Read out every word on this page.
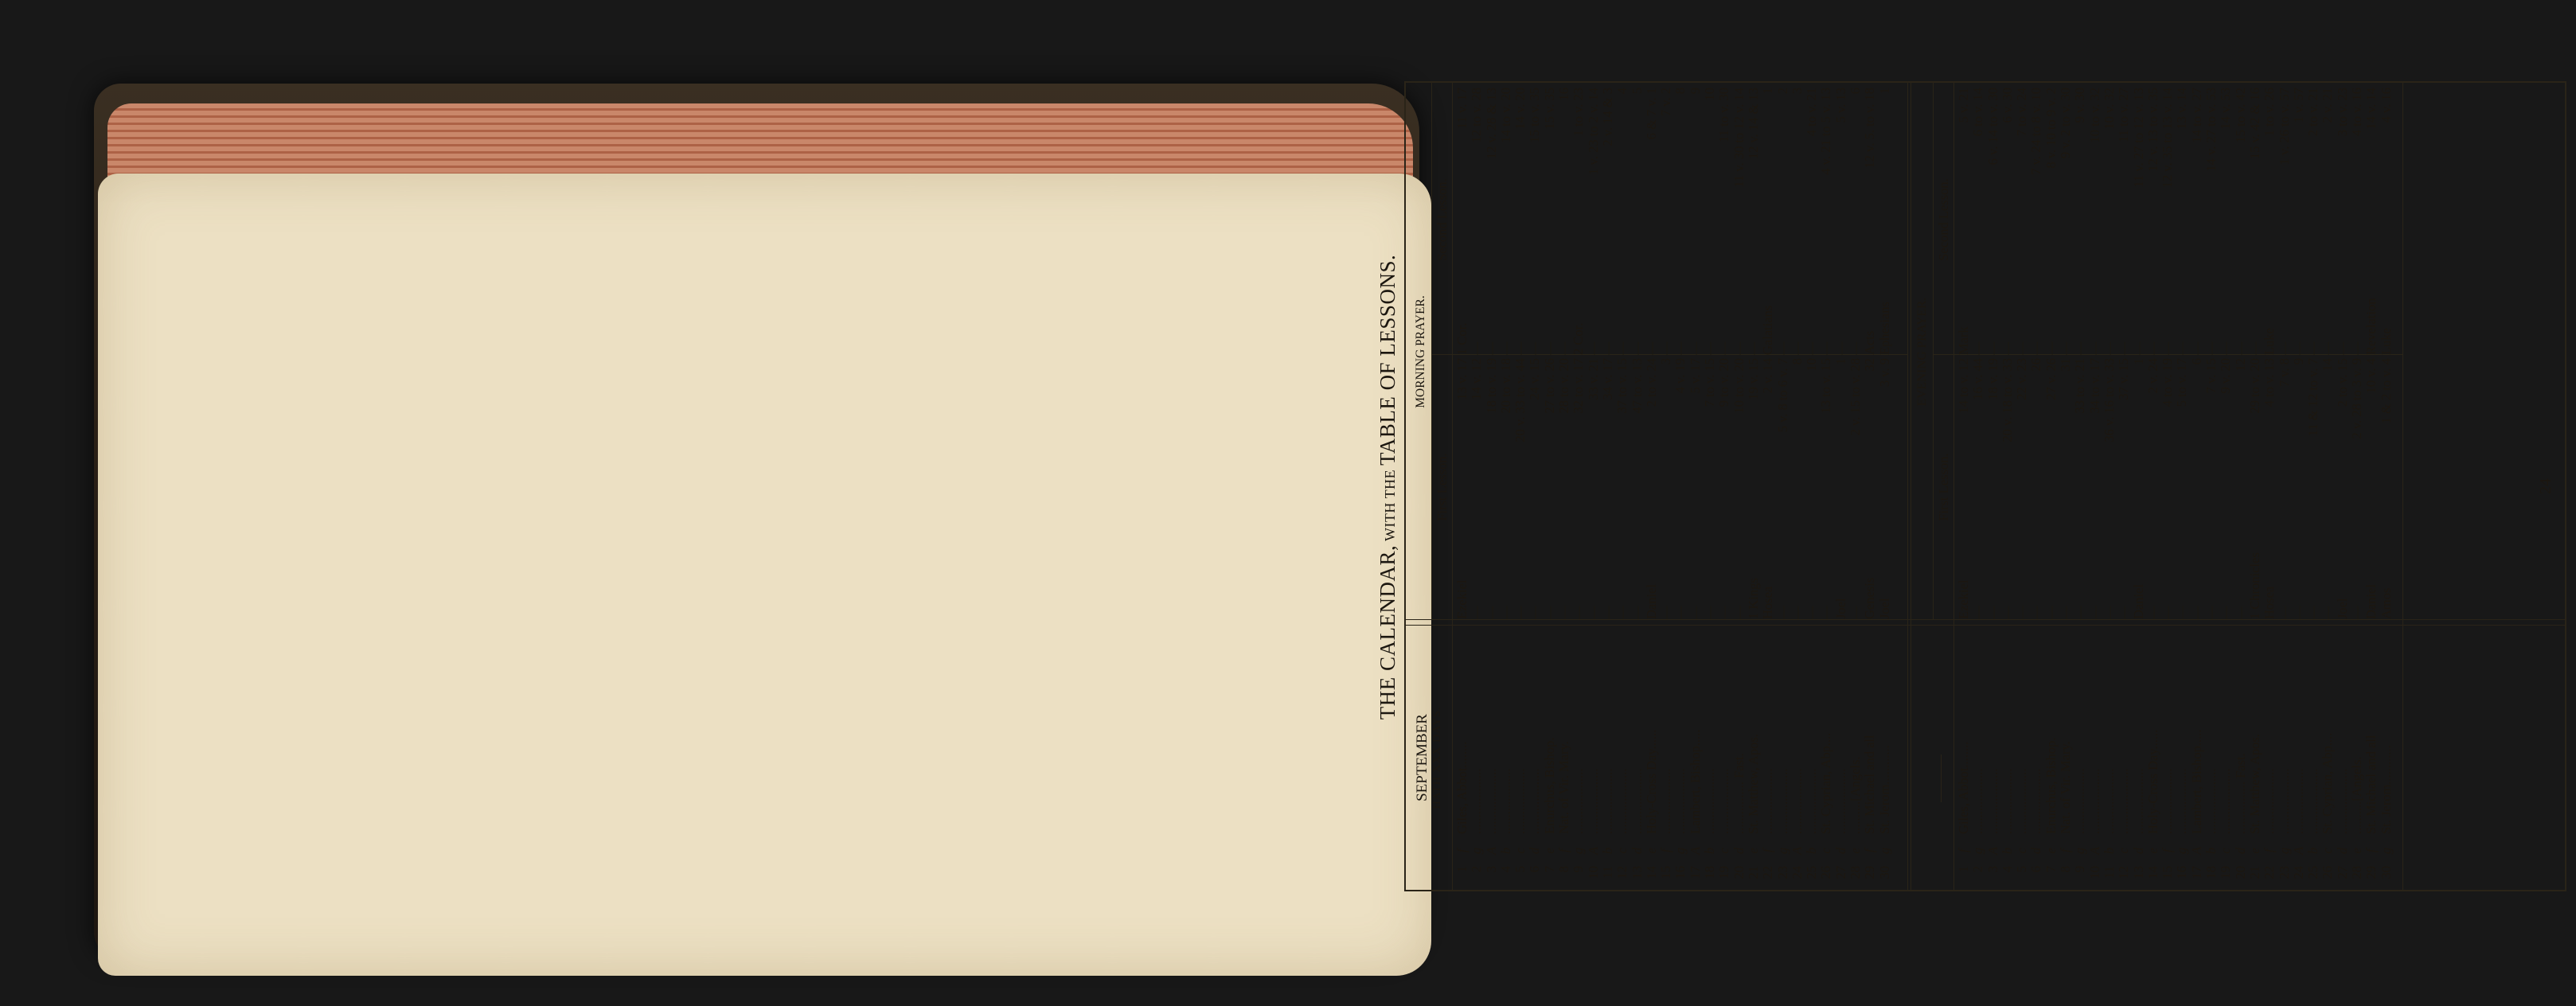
THE CALENDAR, WITH THE TABLE OF LESSONS.
SEPTEMBER HATH XXX DAYS.
MORNING PRAYER.
First Lesson.
Second Lesson.
1
f
Giles, Abbot........
Ezekiel
13 v. 17
1 Cor.
11 v. 17
2
g
....................
—
14 v. 12
—
12 to v. 28
3
A
....................
—
18 to v. 19
—
12 v. 28 & 13
4
b
....................
—
20 to v. 18
—
14 to v. 20
5
c
....................
—
20 v. 33 to v. 44
—
14 v. 20
6
d
....................
—
24 v. 15
—
15 to v. 35
7
e
Enurchus, Bishop.
—
27 to v. 26
—
15 v. 35
8
f
Nat. of Vir. Mary.
—
28 to v. 20
—
16
9
g
....................
—
32 to v. 17
2 Cor.
1 to v. 23
10
A
....................
—
33 v. 21
—
1 v. 23 to 2 v. 14
11
b
....................
—
34 v. 17
—
2 v. 14 & 3
12
c
....................
—
37 to v. 15
—
4
13
d
....................
—
47 to v. 13
—
5
14
e
Holy-Cross Day......
Daniel
2 to v. 24
—
6 & 7 v. 1
15
f
....................
—
3
—
7 v. 2
16
g
....................
—
4 v. 19
—
8
17
A
Lambert, Bishop.....
—
5 v. 17
—
9
18
b
....................
—
7 to v. 15
—
10
19
c
....................
—
9 to v. 20
—
11 to v. 30
20
d
................ Fast.
—
10 to v. 20
—
11 v. 30 to 12 v. 14
21
e
St. Matthew, Apos.
1 Kings
19 v. 15
—
12 v. 14 & 13
22
f
....................
Hosea
2 v. 14
Galatians
1
23
g
....................
—
5 v. 8 to 6 v. 7
—
2
24
A
....................
—
8
—
3
25
b
....................
—
10
—
4 to v. 21
26
c
St. Cyprian, Abp....
—
13 to v. 15
—
4 v. 21 to 5 v. 13
27
d
....................
Joel
1
—
5 v. 13
28
e
..........[Angels.
—
2 v. 15 to v. 28
—
6
29
f
St. Michael and all
Genesis
32
Acts
12 v. 5. to v. 18
30
g
St. Jerom............
Joel
3 v. 9
Ephesians
1
EVENING PRAYER.
First Lesson.
Second Lesson.
1
f
Giles, Abbot........
Ezekiel
14 to v. 12
Mark
5 v. 21
2
g
....................
—
16 v. 44
—
6 to v. 14
3
A
....................
—
18 v. 19
—
6 v. 14 to v. 30
4
b
....................
—
20 v. 18 to v. 33
—
6 v. 30
5
c
....................
—
22 v. 23
—
7 to v. 24
6
d
....................
—
26
—
7 v. 24 to 8 v. 10
7
e
Enurchus, Bishop.
—
27 v. 26
—
8 v. 10 to 9 v. 2
8
f
Nat. of Vir. Mary.
—
31
—
9 v. 2 to v. 30
9
g
....................
—
33 to v. 21
—
9 v. 30
10
A
....................
—
34 to v. 17
—
10 to v. 32
11
b
....................
—
36 v. 16 to v. 33
—
10 v. 32
12
c
....................
—
37 v. 15
—
11 to v. 27
13
d
....................
Daniel
1
—
11 v. 27 to 12 v. 13
14
e
Holy-Cross Day......
—
2 v. 24
—
12 v. 13 to v. 35
15
f
....................
—
4 to v. 19
—
12 v. 35 to 13 v. 14
16
g
....................
—
5 to v. 17
—
13 v. 14
17
A
Lambert, Bishop.....
—
6
—
14 to v. 27
18
b
....................
—
7 v. 15
—
14 v. 27 to v. 53
19
c
....................
—
9 v. 20
—
14 v. 53
20
d
................ Fast.
—
12
—
15 to v. 42
21
e
St. Matthew, Apos.
1 Chronicles
29 to v. 20
—
15 v. 42 & 16
22
f
....................
Hosea
4 to v. 13
Luke
1 to v. 26
23
g
....................
—
7 v. 8
—
1 v. 26 to v. 57
24
A
....................
—
9
—
1 v. 57
25
b
....................
—
11 & 12 to v. 7
—
2 to v. 21
26
c
St. Cyprian, Abp....
—
14
—
2 v. 21
27
d
....................
Joel
2 to v. 15
—
3 to v. 23
28
e
..........[Angels.
—
2 v. 28 to 3 v. 9
—
4 to v. 16
29
f
St. Michael and all
Daniel
10 v. 4
Revelation
14 v. 14
30
g
St. Jerom............
Amos
1 & 2 to v. 4
Luke
4 v. 16
24
